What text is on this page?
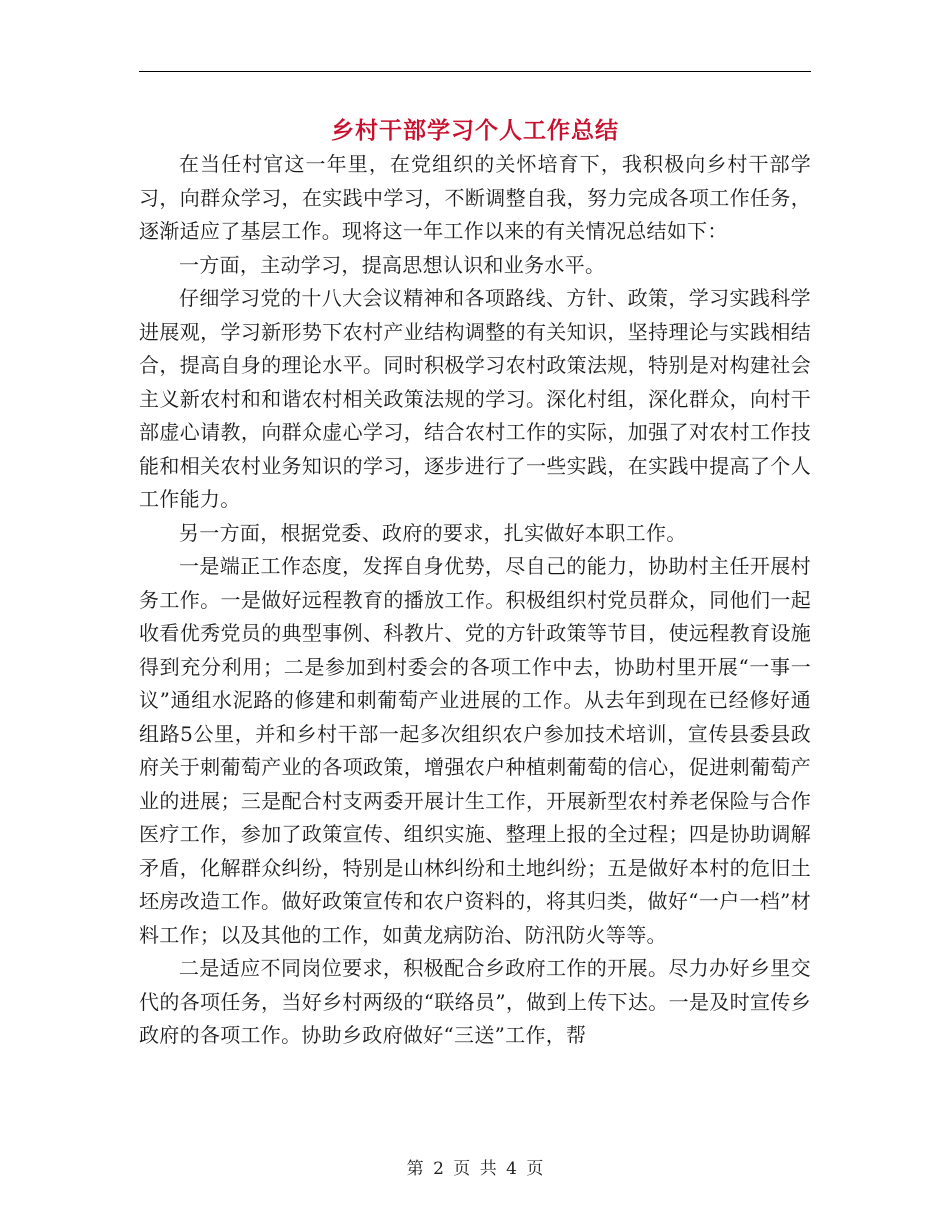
乡村干部学习个人工作总结

在当任村官这一年里，在党组织的关怀培育下，我积极向乡村干部学习，向群众学习，在实践中学习，不断调整自我，努力完成各项工作任务，逐渐适应了基层工作。现将这一年工作以来的有关情况总结如下：

一方面，主动学习，提高思想认识和业务水平。

仔细学习党的十八大会议精神和各项路线、方针、政策，学习实践科学进展观，学习新形势下农村产业结构调整的有关知识，坚持理论与实践相结合，提高自身的理论水平。同时积极学习农村政策法规，特别是对构建社会主义新农村和和谐农村相关政策法规的学习。深化村组，深化群众，向村干部虚心请教，向群众虚心学习，结合农村工作的实际，加强了对农村工作技能和相关农村业务知识的学习，逐步进行了一些实践，在实践中提高了个人工作能力。

另一方面，根据党委、政府的要求，扎实做好本职工作。

一是端正工作态度，发挥自身优势，尽自己的能力，协助村主任开展村务工作。一是做好远程教育的播放工作。积极组织村党员群众，同他们一起收看优秀党员的典型事例、科教片、党的方针政策等节目，使远程教育设施得到充分利用；二是参加到村委会的各项工作中去，协助村里开展“一事一议”通组水泥路的修建和刺葡萄产业进展的工作。从去年到现在已经修好通组路5公里，并和乡村干部一起多次组织农户参加技术培训，宣传县委县政府关于刺葡萄产业的各项政策，增强农户种植刺葡萄的信心，促进刺葡萄产业的进展；三是配合村支两委开展计生工作，开展新型农村养老保险与合作医疗工作，参加了政策宣传、组织实施、整理上报的全过程；四是协助调解矛盾，化解群众纠纷，特别是山林纠纷和土地纠纷；五是做好本村的危旧土坯房改造工作。做好政策宣传和农户资料的，将其归类，做好“一户一档”材料工作；以及其他的工作，如黄龙病防治、防汛防火等等。

二是适应不同岗位要求，积极配合乡政府工作的开展。尽力办好乡里交代的各项任务，当好乡村两级的“联络员”，做到上传下达。一是及时宣传乡政府的各项工作。协助乡政府做好“三送”工作，帮

第 2 页 共 4 页
